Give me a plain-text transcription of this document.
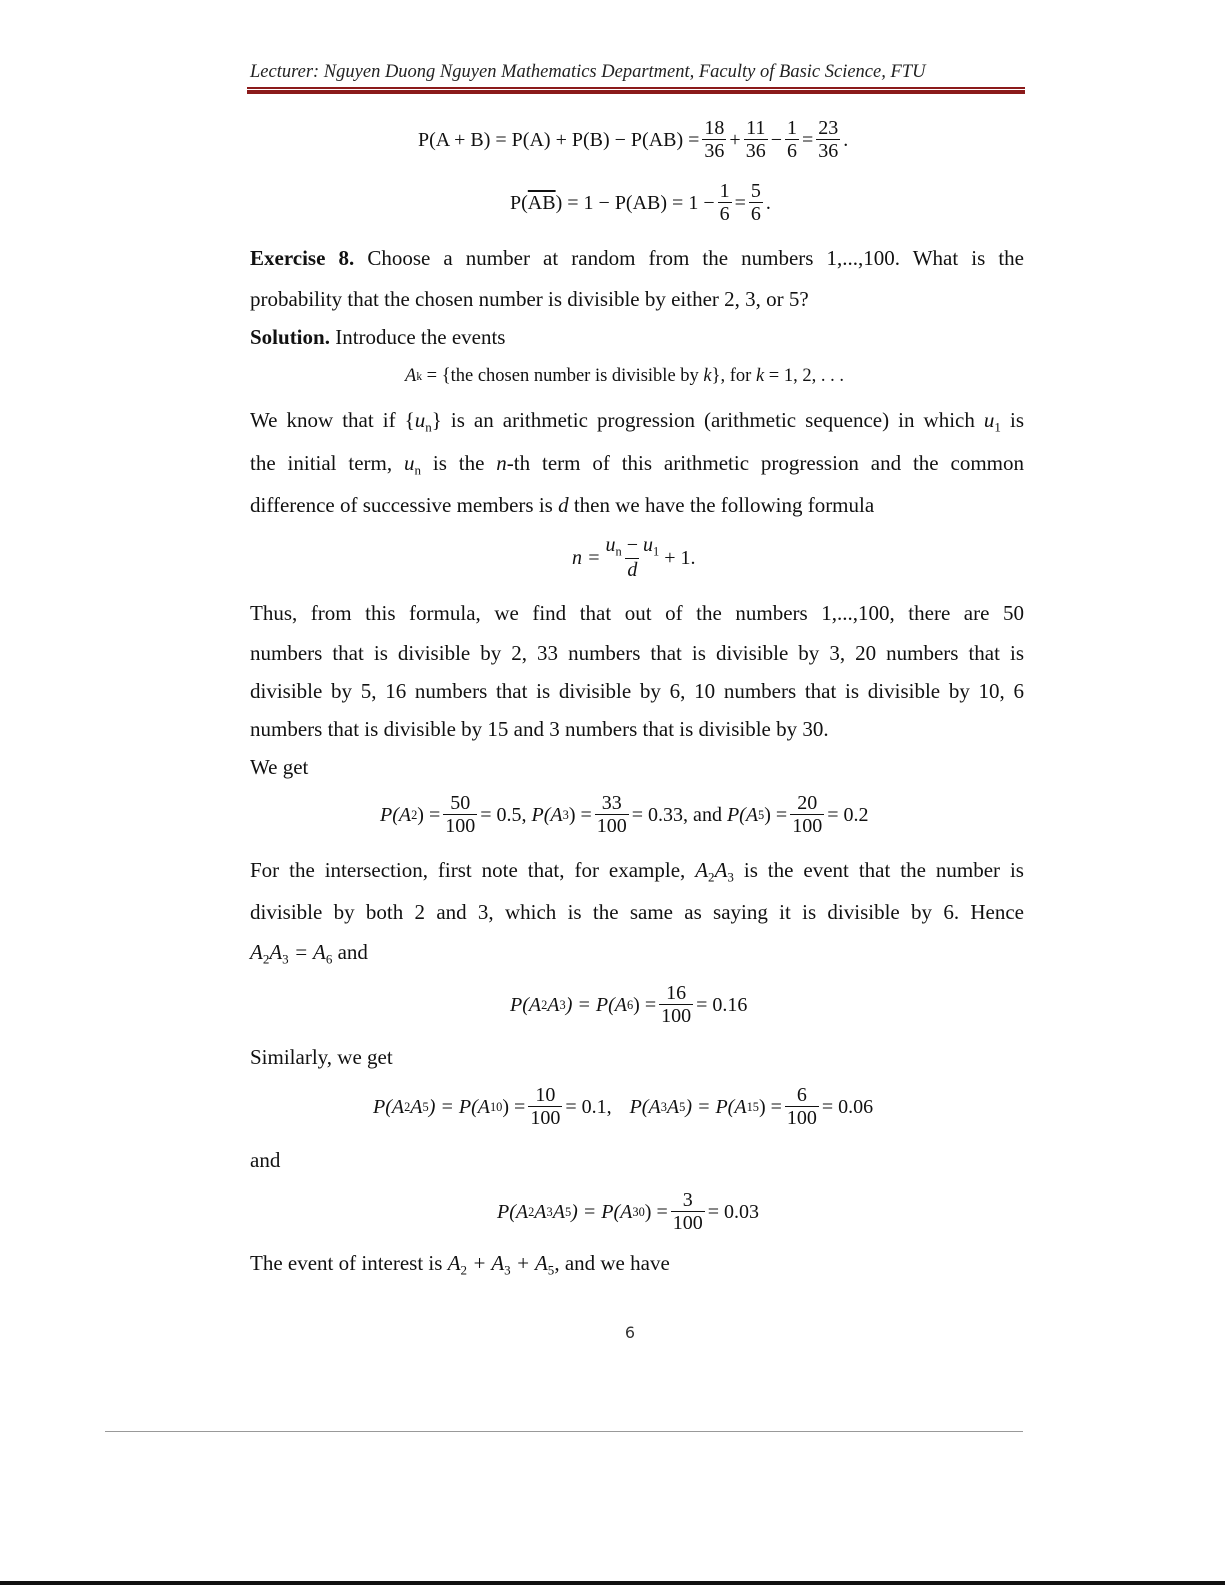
Lecturer: Nguyen Duong Nguyen Mathematics Department, Faculty of Basic Science, FTU
$P(A + B) = P(A) + P(B) - P(AB) = \frac{18}{36} + \frac{11}{36} - \frac{1}{6} = \frac{23}{36}$ .
P( $\overline{AB}$ ) = $1 - P(AB) = 1 - \frac{1}{6} = \frac{5}{6}$ .
Exercise 8. Choose a number at random from the numbers 1,...,100. What is the
probability that the chosen number is divisible by either 2, 3, or 5?
Solution. Introduce the events
A k = {the chosen number is divisible by k }, for k = 1, 2, . . .
We know that if $\{u_n\}$ is an arithmetic progression (arithmetic sequence) in which $u_1$ is
the initial term, $u_n$ is the n-th term of this arithmetic progression and the common
difference of successive members is d then we have the following formula
$n = \frac{u_n - u_1}{d} + 1$.
Thus, from this formula, we find that out of the numbers 1,...,100, there are 50
numbers that is divisible by 2, 33 numbers that is divisible by 3, 20 numbers that is
divisible by 5, 16 numbers that is divisible by 6, 10 numbers that is divisible by 10, 6
numbers that is divisible by 15 and 3 numbers that is divisible by 30.
We get
P(A 2 ) = $\frac{50}{100} = 0.5$, P(A 3 ) = $\frac{33}{100} = 0.33$, and P(A 5 ) = $\frac{20}{100} = 0.2$
For the intersection, first note that, for example, $A_2A_3$ is the event that the number is
divisible by both 2 and 3, which is the same as saying it is divisible by 6. Hence
$A_2A_3 = A_6$ and
P(A 2 A 3 ) = P(A 6 ) = $\frac{16}{100} = 0.16$
Similarly, we get
P(A 2 A 5 ) = P(A 10 ) = $\frac{10}{100} = 0.1$, P(A 3 A 5 ) = P(A 15 ) = $\frac{6}{100} = 0.06$
and
P(A 2 A 3 A 5 ) = P(A 30 ) = $\frac{3}{100} = 0.03$
The event of interest is $A_2 + A_3 + A_5$, and we have
6
